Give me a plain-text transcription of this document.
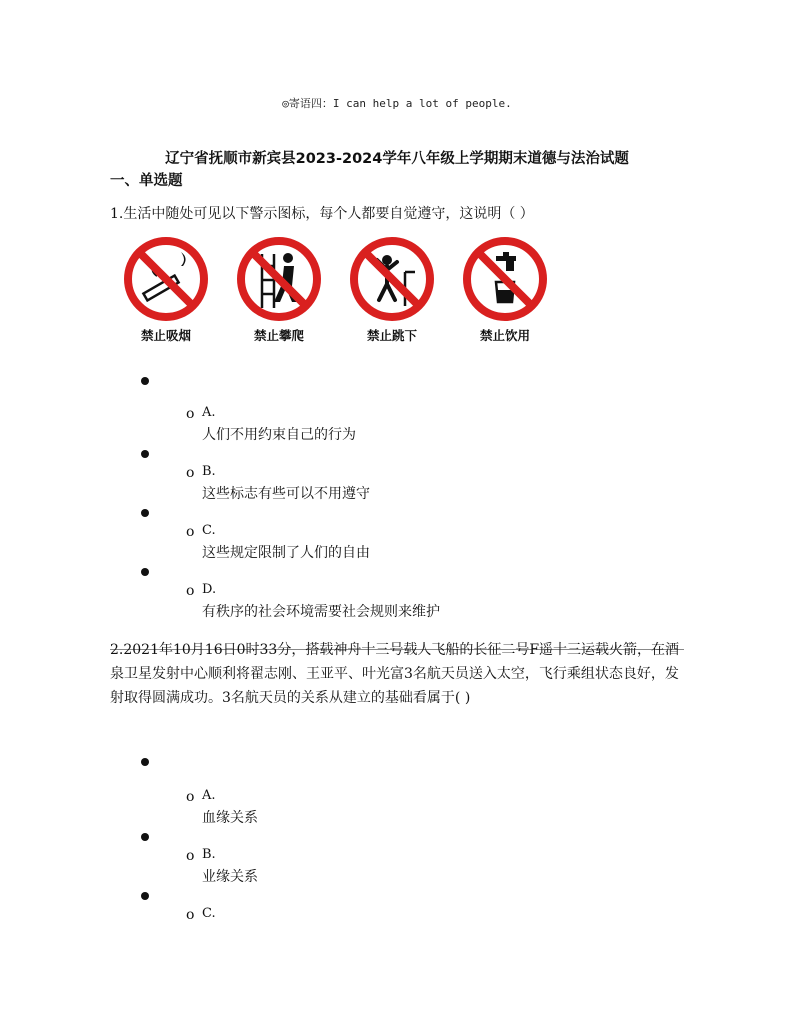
◎寄语四：I can help a lot of people.
辽宁省抚顺市新宾县2023-2024学年八年级上学期期末道德与法治试题
一、单选题
1.生活中随处可见以下警示图标，每个人都要自觉遵守，这说明（ ）
禁止吸烟	禁止攀爬	禁止跳下	禁止饮用
o A.
人们不用约束自己的行为
o B.
这些标志有些可以不用遵守
o C.
这些规定限制了人们的自由
o D.
有秩序的社会环境需要社会规则来维护
2.2021年10月16日0时33分，搭载神舟十三号载人飞船的长征二号F遥十三运载火箭，在酒泉卫星发射中心顺利将翟志刚、王亚平、叶光富3名航天员送入太空，飞行乘组状态良好，发射取得圆满成功。3名航天员的关系从建立的基础看属于( )
o A.
血缘关系
o B.
业缘关系
o C.
